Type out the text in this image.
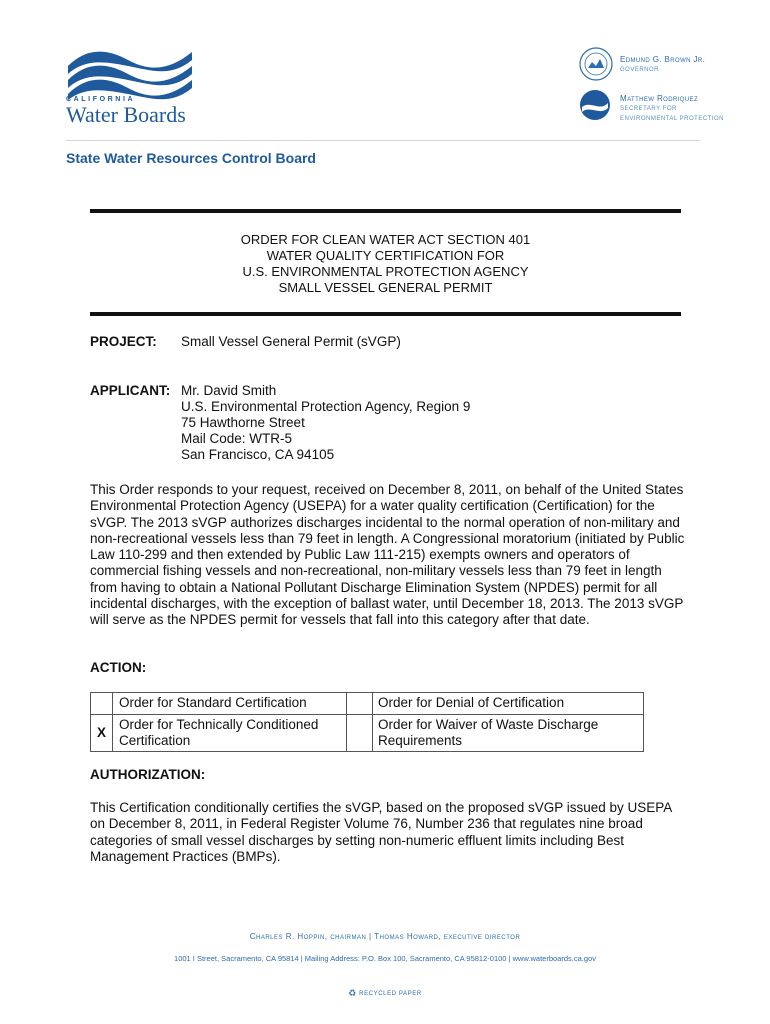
CALIFORNIA
Water Boards
Edmund G. Brown Jr.
GOVERNOR
Matthew Rodriquez
SECRETARY FOR
ENVIRONMENTAL PROTECTION
State Water Resources Control Board
ORDER FOR CLEAN WATER ACT SECTION 401
WATER QUALITY CERTIFICATION FOR
U.S. ENVIRONMENTAL PROTECTION AGENCY
SMALL VESSEL GENERAL PERMIT
PROJECT: Small Vessel General Permit (sVGP)
APPLICANT: Mr. David Smith
U.S. Environmental Protection Agency, Region 9
75 Hawthorne Street
Mail Code: WTR-5
San Francisco, CA 94105
This Order responds to your request, received on December 8, 2011, on behalf of the United States Environmental Protection Agency (USEPA) for a water quality certification (Certification) for the sVGP. The 2013 sVGP authorizes discharges incidental to the normal operation of non-military and non-recreational vessels less than 79 feet in length. A Congressional moratorium (initiated by Public Law 110-299 and then extended by Public Law 111-215) exempts owners and operators of commercial fishing vessels and non-recreational, non-military vessels less than 79 feet in length from having to obtain a National Pollutant Discharge Elimination System (NPDES) permit for all incidental discharges, with the exception of ballast water, until December 18, 2013. The 2013 sVGP will serve as the NPDES permit for vessels that fall into this category after that date.
ACTION:
Order for Standard Certification	Order for Denial of Certification
X
Order for Technically Conditioned Certification
Order for Waiver of Waste Discharge Requirements
AUTHORIZATION:
This Certification conditionally certifies the sVGP, based on the proposed sVGP issued by USEPA on December 8, 2011, in Federal Register Volume 76, Number 236 that regulates nine broad categories of small vessel discharges by setting non-numeric effluent limits including Best Management Practices (BMPs).
Charles R. Hoppin, chairman | Thomas Howard, executive director
1001 I Street, Sacramento, CA 95814 | Mailing Address: P.O. Box 100, Sacramento, CA 95812-0100 | www.waterboards.ca.gov
♻ RECYCLED PAPER
